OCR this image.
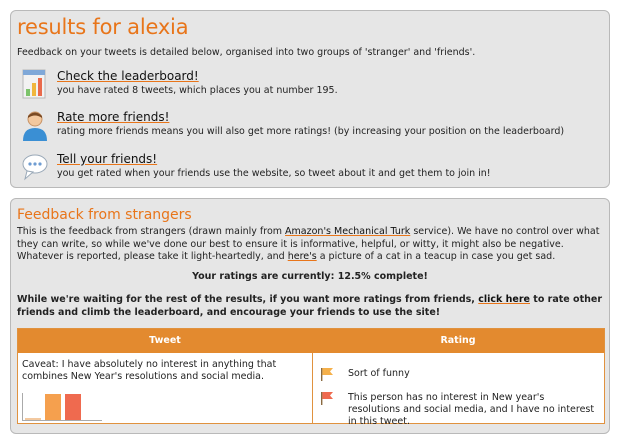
results for alexia
Feedback on your tweets is detailed below, organised into two groups of 'stranger' and 'friends'.
Check the leaderboard!
you have rated 8 tweets, which places you at number 195.
Rate more friends!
rating more friends means you will also get more ratings! (by increasing your position on the leaderboard)
Tell your friends!
you get rated when your friends use the website, so tweet about it and get them to join in!
Feedback from strangers
This is the feedback from strangers (drawn mainly from Amazon's Mechanical Turk service). We have no control over what they can write, so while we've done our best to ensure it is informative, helpful, or witty, it might also be negative. Whatever is reported, please take it light-heartedly, and here's a picture of a cat in a teacup in case you get sad.
Your ratings are currently: 12.5% complete!
While we're waiting for the rest of the results, if you want more ratings from friends, click here to rate other friends and climb the leaderboard, and encourage your friends to use the site!
Tweet	Rating
Caveat: I have absolutely no interest in anything that combines New Year's resolutions and social media.	Sort of funny
This person has no interest in New year's resolutions and social media, and I have no interest in this tweet.
